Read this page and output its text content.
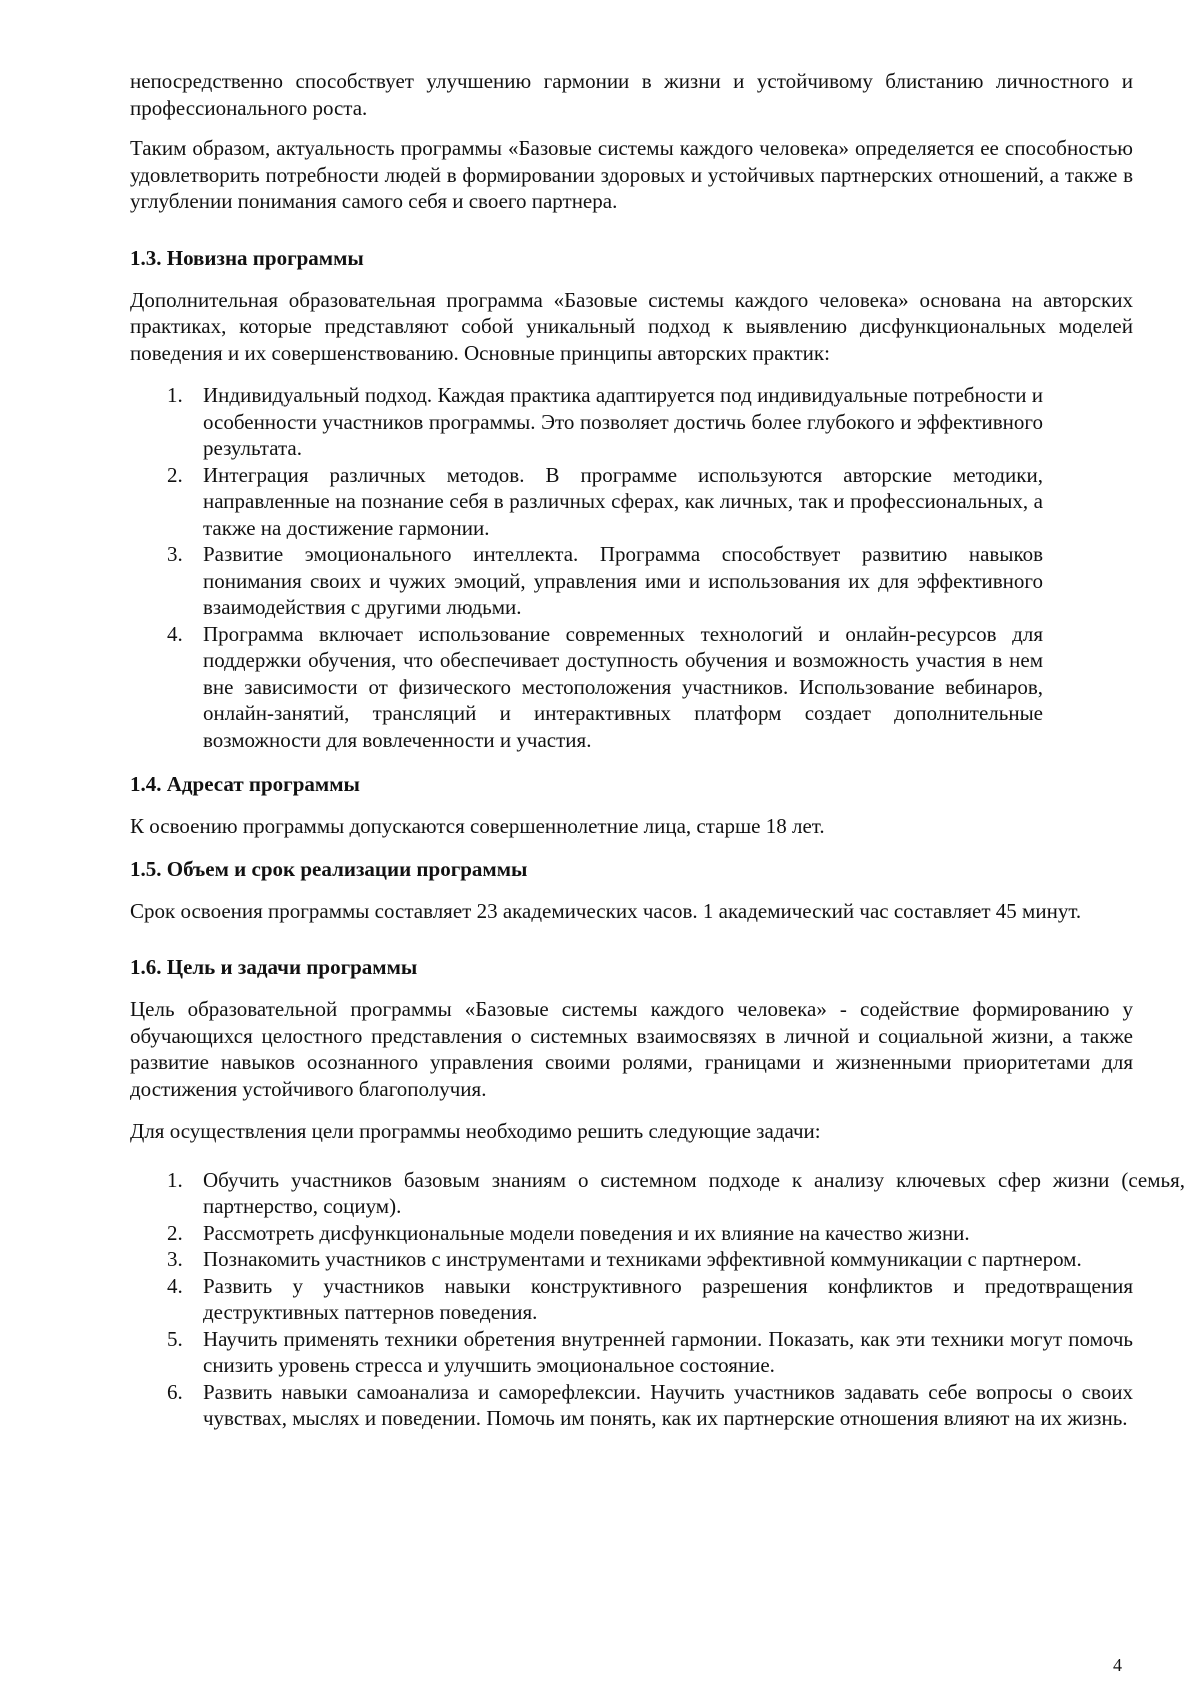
непосредственно способствует улучшению гармонии в жизни и устойчивому блистанию личностного и профессионального роста.

Таким образом, актуальность программы «Базовые системы каждого человека» определяется ее способностью удовлетворить потребности людей в формировании здоровых и устойчивых партнерских отношений, а также в углублении понимания самого себя и своего партнера.

1.3. Новизна программы

Дополнительная образовательная программа «Базовые системы каждого человека» основана на авторских практиках, которые представляют собой уникальный подход к выявлению дисфункциональных моделей поведения и их совершенствованию. Основные принципы авторских практик:

1. Индивидуальный подход. Каждая практика адаптируется под индивидуальные потребности и особенности участников программы. Это позволяет достичь более глубокого и эффективного результата.
2. Интеграция различных методов. В программе используются авторские методики, направленные на познание себя в различных сферах, как личных, так и профессиональных, а также на достижение гармонии.
3. Развитие эмоционального интеллекта. Программа способствует развитию навыков понимания своих и чужих эмоций, управления ими и использования их для эффективного взаимодействия с другими людьми.
4. Программа включает использование современных технологий и онлайн-ресурсов для поддержки обучения, что обеспечивает доступность обучения и возможность участия в нем вне зависимости от физического местоположения участников. Использование вебинаров, онлайн-занятий, трансляций и интерактивных платформ создает дополнительные возможности для вовлеченности и участия.
1.4. Адресат программы

К освоению программы допускаются совершеннолетние лица, старше 18 лет.

1.5. Объем и срок реализации программы

Срок освоения программы составляет 23 академических часов. 1 академический час составляет 45 минут.

1.6. Цель и задачи программы

Цель образовательной программы «Базовые системы каждого человека» - содействие формированию у обучающихся целостного представления о системных взаимосвязях в личной и социальной жизни, а также развитие навыков осознанного управления своими ролями, границами и жизненными приоритетами для достижения устойчивого благополучия.

Для осуществления цели программы необходимо решить следующие задачи:

1. Обучить участников базовым знаниям о системном подходе к анализу ключевых сфер жизни (семья, партнерство, социум).
2. Рассмотреть дисфункциональные модели поведения и их влияние на качество жизни.
3. Познакомить участников с инструментами и техниками эффективной коммуникации с партнером.
4. Развить у участников навыки конструктивного разрешения конфликтов и предотвращения деструктивных паттернов поведения.
5. Научить применять техники обретения внутренней гармонии. Показать, как эти техники могут помочь снизить уровень стресса и улучшить эмоциональное состояние.
6. Развить навыки самоанализа и саморефлексии. Научить участников задавать себе вопросы о своих чувствах, мыслях и поведении. Помочь им понять, как их партнерские отношения влияют на их жизнь.
4
